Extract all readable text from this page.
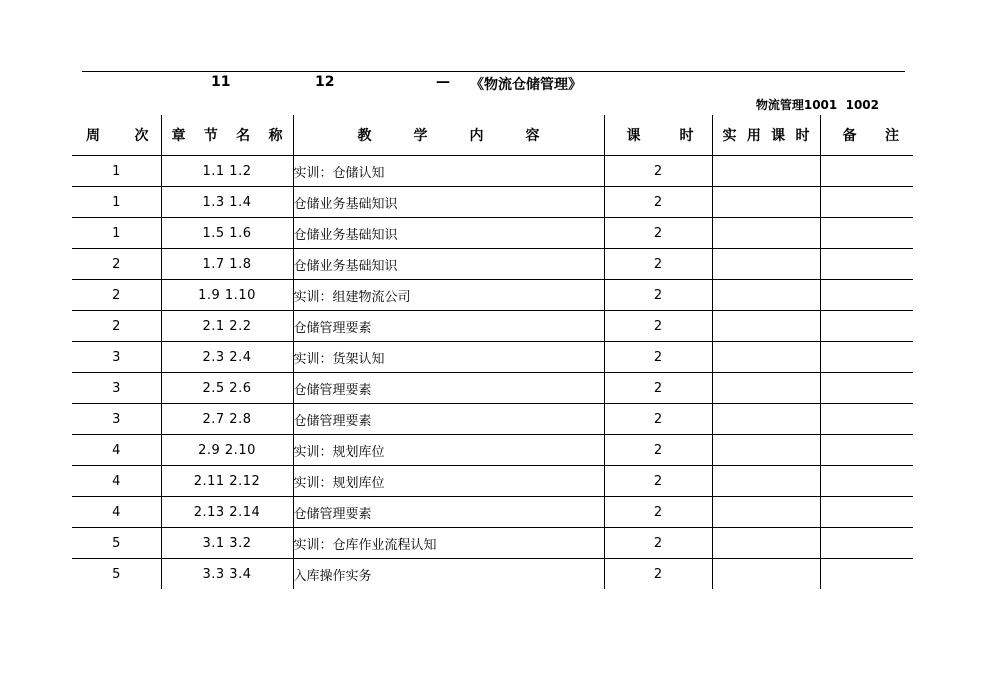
11	12	— 《物流仓储管理》
物流管理1001  1002
周 次	章 节 名 称	教 学 内 容	课 时	实 用 课 时	备 注

1	1.1 1.2	实训：仓储认知	2		
1	1.3 1.4	仓储业务基础知识	2		
1	1.5 1.6	仓储业务基础知识	2		
2	1.7 1.8	仓储业务基础知识	2		
2	1.9 1.10	实训：组建物流公司	2		
2	2.1 2.2	仓储管理要素	2		
3	2.3 2.4	实训：货架认知	2		
3	2.5 2.6	仓储管理要素	2		
3	2.7 2.8	仓储管理要素	2		
4	2.9 2.10	实训：规划库位	2		
4	2.11 2.12	实训：规划库位	2		
4	2.13 2.14	仓储管理要素	2		
5	3.1 3.2	实训：仓库作业流程认知	2		
5	3.3 3.4	入库操作实务	2		
